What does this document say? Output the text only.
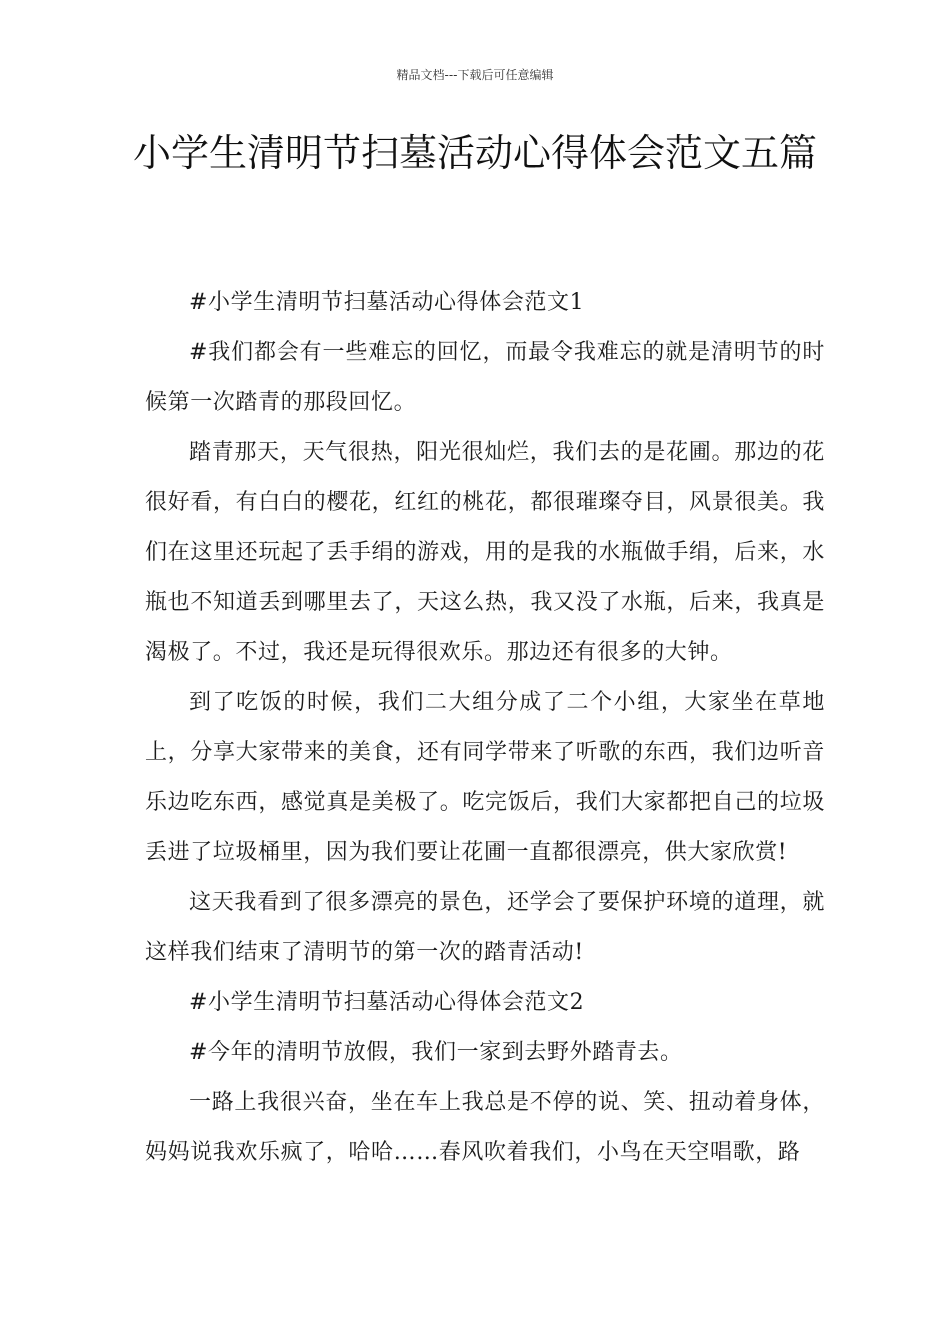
精品文档---下载后可任意编辑
小学生清明节扫墓活动心得体会范文五篇

#小学生清明节扫墓活动心得体会范文1

#我们都会有一些难忘的回忆，而最令我难忘的就是清明节的时候第一次踏青的那段回忆。

踏青那天，天气很热，阳光很灿烂，我们去的是花圃。那边的花很好看，有白白的樱花，红红的桃花，都很璀璨夺目，风景很美。我们在这里还玩起了丢手绢的游戏，用的是我的水瓶做手绢，后来，水瓶也不知道丢到哪里去了，天这么热，我又没了水瓶，后来，我真是渴极了。不过，我还是玩得很欢乐。那边还有很多的大钟。

到了吃饭的时候，我们二大组分成了二个小组，大家坐在草地上，分享大家带来的美食，还有同学带来了听歌的东西，我们边听音乐边吃东西，感觉真是美极了。吃完饭后，我们大家都把自己的垃圾丢进了垃圾桶里，因为我们要让花圃一直都很漂亮，供大家欣赏!

这天我看到了很多漂亮的景色，还学会了要保护环境的道理，就这样我们结束了清明节的第一次的踏青活动!

#小学生清明节扫墓活动心得体会范文2

#今年的清明节放假，我们一家到去野外踏青去。

一路上我很兴奋，坐在车上我总是不停的说、笑、扭动着身体，妈妈说我欢乐疯了，哈哈……春风吹着我们，小鸟在天空唱歌，路
